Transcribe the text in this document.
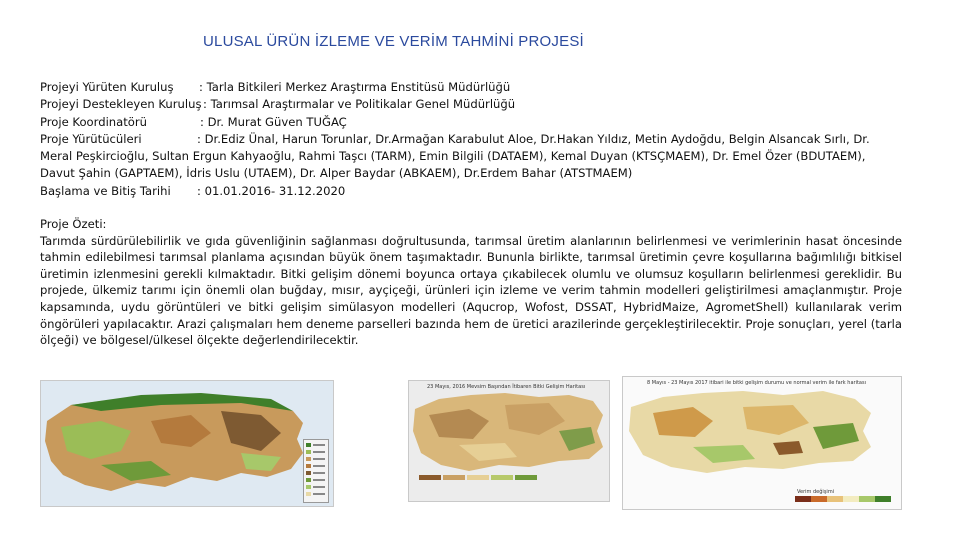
ULUSAL ÜRÜN İZLEME VE VERİM TAHMİNİ PROJESİ
Projeyi Yürüten Kuruluş : Tarla Bitkileri Merkez Araştırma Enstitüsü Müdürlüğü
Projeyi Destekleyen Kuruluş : Tarımsal Araştırmalar ve Politikalar Genel Müdürlüğü
Proje Koordinatörü	: Dr. Murat Güven TUĞAÇ
Proje Yürütücüleri	: Dr.Ediz Ünal, Harun Torunlar, Dr.Armağan Karabulut Aloe, Dr.Hakan Yıldız, Metin Aydoğdu, Belgin Alsancak Sırlı, Dr. Meral Peşkircioğlu, Sultan Ergun Kahyaoğlu, Rahmi Taşcı (TARM), Emin Bilgili (DATAEM), Kemal Duyan (KTSÇMAEM), Dr. Emel Özer (BDUTAEM), Davut Şahin (GAPTAEM), İdris Uslu (UTAEM), Dr. Alper Baydar (ABKAEM), Dr.Erdem Bahar (ATSTMAEM)
Başlama ve Bitiş Tarihi : 01.01.2016- 31.12.2020
Proje Özeti:
Tarımda sürdürülebilirlik ve gıda güvenliğinin sağlanması doğrultusunda, tarımsal üretim alanlarının belirlenmesi ve verimlerinin hasat öncesinde tahmin edilebilmesi tarımsal planlama açısından büyük önem taşımaktadır. Bununla birlikte, tarımsal üretimin çevre koşullarına bağımlılığı bitkisel üretimin izlenmesini gerekli kılmaktadır. Bitki gelişim dönemi boyunca ortaya çıkabilecek olumlu ve olumsuz koşulların belirlenmesi gereklidir. Bu projede, ülkemiz tarımı için önemli olan buğday, mısır, ayçiçeği, ürünleri için izleme ve verim tahmin modelleri geliştirilmesi amaçlanmıştır. Proje kapsamında, uydu görüntüleri ve bitki gelişim simülasyon modelleri (Aqucrop, Wofost, DSSAT, HybridMaize, AgrometShell) kullanılarak verim öngörüleri yapılacaktır. Arazi çalışmaları hem deneme parselleri bazında hem de üretici arazilerinde gerçekleştirilecektir. Proje sonuçları, yerel (tarla ölçeği) ve bölgesel/ülkesel ölçekte değerlendirilecektir.
23 Mayıs, 2016 Mevsim Başından İtibaren Bitki Gelişim Haritası
8 Mayıs - 23 Mayıs 2017 itibari ile bitki gelişim durumu ve normal verim ile fark haritası
Verim değişimi
